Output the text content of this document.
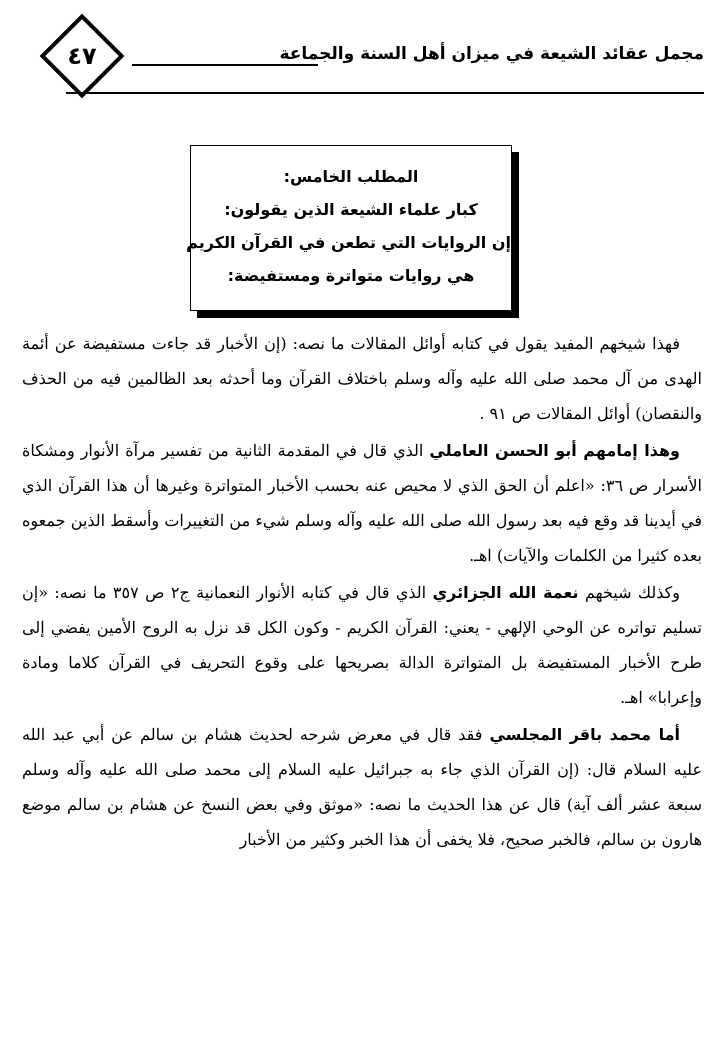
٤٧	مجمل عقائد الشيعة في ميزان أهل السنة والجماعة
المطلب الخامس:
كبار علماء الشيعة الذين يقولون:
إن الروايات التي تطعن في القرآن الكريم
هي روايات متواترة ومستفيضة:

فهذا شيخهم المفيد يقول في كتابه أوائل المقالات ما نصه: (إن الأخبار قد جاءت مستفيضة عن أئمة الهدى من آل محمد صلى الله عليه وآله وسلم باختلاف القرآن وما أحدثه بعد الظالمين فيه من الحذف والنقصان) أوائل المقالات ص ٩١ .

وهذا إمامهم أبو الحسن العاملي الذي قال في المقدمة الثانية من تفسير مرآة الأنوار ومشكاة الأسرار ص ٣٦: «اعلم أن الحق الذي لا محيص عنه بحسب الأخبار المتواترة وغيرها أن هذا القرآن الذي في أيدينا قد وقع فيه بعد رسول الله صلى الله عليه وآله وسلم شيء من التغييرات وأسقط الذين جمعوه بعده كثيرا من الكلمات والآيات) اهـ.

وكذلك شيخهم نعمة الله الجزائري الذي قال في كتابه الأنوار النعمانية ج٢ ص ٣٥٧ ما نصه: «إن تسليم تواتره عن الوحي الإلهي - يعني: القرآن الكريم - وكون الكل قد نزل به الروح الأمين يفضي إلى طرح الأخبار المستفيضة بل المتواترة الدالة بصريحها على وقوع التحريف في القرآن كلاما ومادة وإعرابا» اهـ.

أما محمد باقر المجلسي فقد قال في معرض شرحه لحديث هشام بن سالم عن أبي عبد الله عليه السلام قال: (إن القرآن الذي جاء به جبرائيل عليه السلام إلى محمد صلى الله عليه وآله وسلم سبعة عشر ألف آية) قال عن هذا الحديث ما نصه: «موثق وفي بعض النسخ عن هشام بن سالم موضع هارون بن سالم، فالخبر صحيح، فلا يخفى أن هذا الخبر وكثير من الأخبار
